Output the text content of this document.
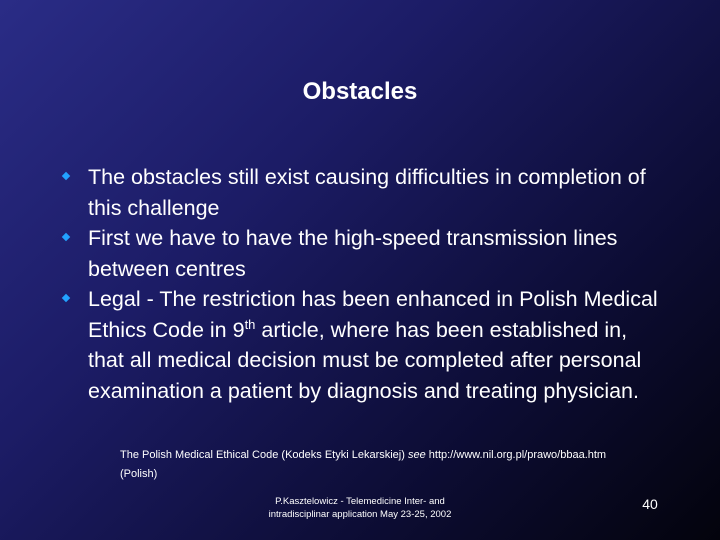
Obstacles
The obstacles still exist causing difficulties in completion of this challenge
First we have to have the high-speed transmission lines between centres
Legal - The restriction has been enhanced in Polish Medical Ethics Code in 9th article, where has been established in, that all medical decision must be completed after personal examination a patient by diagnosis and treating physician.
The Polish Medical Ethical Code (Kodeks Etyki Lekarskiej) see http://www.nil.org.pl/prawo/bbaa.htm
(Polish)
P.Kasztelowicz - Telemedicine Inter- and
intradisciplinar application May 23-25, 2002
40
